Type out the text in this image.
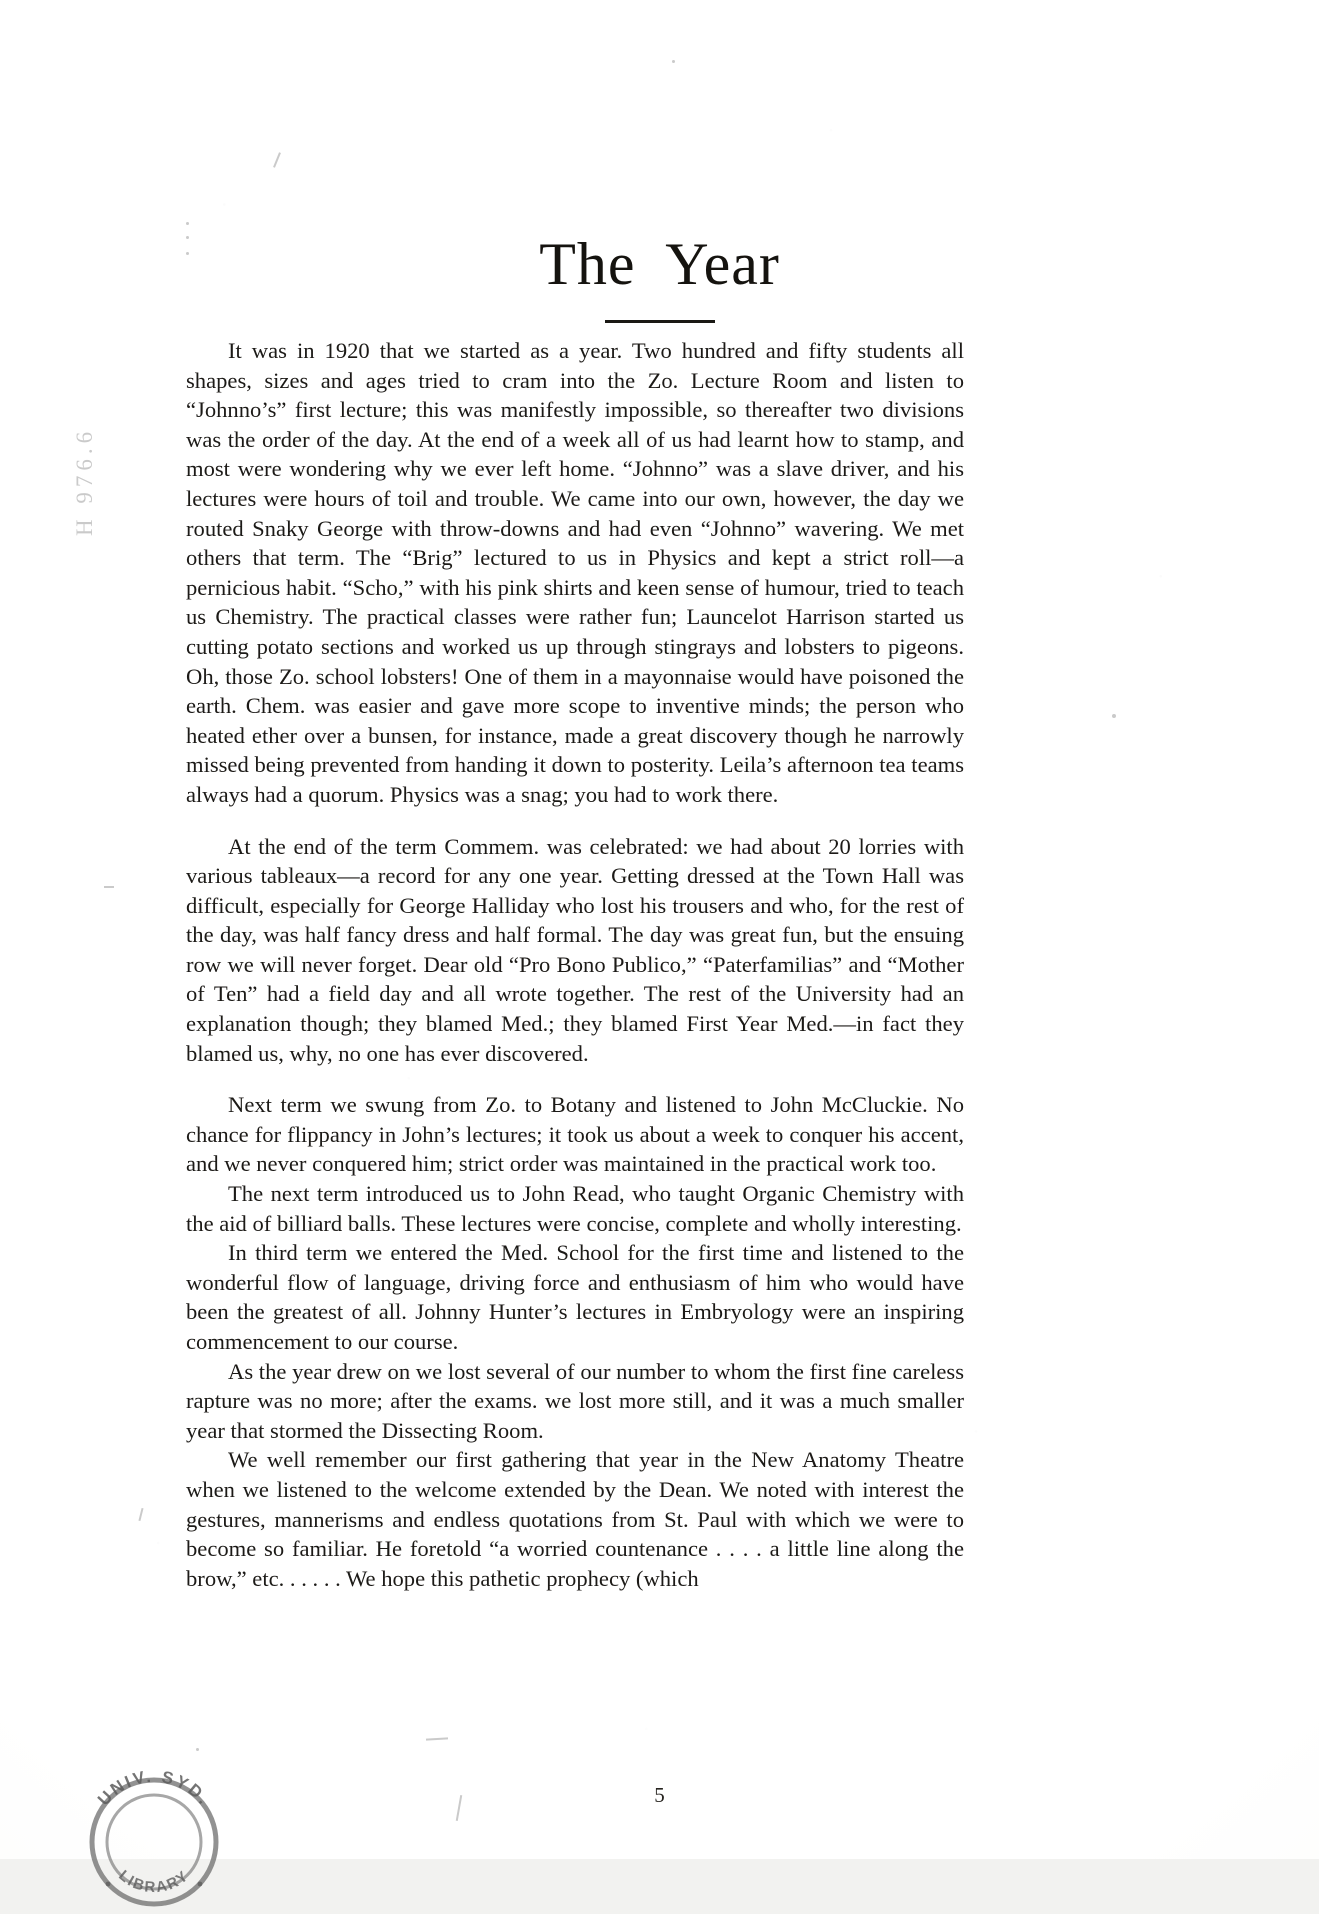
H 976.6
The Year

It was in 1920 that we started as a year. Two hundred and fifty students all shapes, sizes and ages tried to cram into the Zo. Lecture Room and listen to “Johnno’s” first lecture; this was manifestly impossible, so thereafter two divisions was the order of the day. At the end of a week all of us had learnt how to stamp, and most were wondering why we ever left home. “Johnno” was a slave driver, and his lectures were hours of toil and trouble. We came into our own, however, the day we routed Snaky George with throw-downs and had even “Johnno” wavering. We met others that term. The “Brig” lectured to us in Physics and kept a strict roll—a pernicious habit. “Scho,” with his pink shirts and keen sense of humour, tried to teach us Chemistry. The practical classes were rather fun; Launcelot Harrison started us cutting potato sections and worked us up through stingrays and lobsters to pigeons. Oh, those Zo. school lobsters! One of them in a mayonnaise would have poisoned the earth. Chem. was easier and gave more scope to inventive minds; the person who heated ether over a bunsen, for instance, made a great discovery though he narrowly missed being prevented from handing it down to posterity. Leila’s afternoon tea teams always had a quorum. Physics was a snag; you had to work there.

At the end of the term Commem. was celebrated: we had about 20 lorries with various tableaux—a record for any one year. Getting dressed at the Town Hall was difficult, especially for George Halliday who lost his trousers and who, for the rest of the day, was half fancy dress and half formal. The day was great fun, but the ensuing row we will never forget. Dear old “Pro Bono Publico,” “Paterfamilias” and “Mother of Ten” had a field day and all wrote together. The rest of the University had an explanation though; they blamed Med.; they blamed First Year Med.—in fact they blamed us, why, no one has ever discovered.

Next term we swung from Zo. to Botany and listened to John McCluckie. No chance for flippancy in John’s lectures; it took us about a week to conquer his accent, and we never conquered him; strict order was maintained in the practical work too.

The next term introduced us to John Read, who taught Organic Chemistry with the aid of billiard balls. These lectures were concise, complete and wholly interesting.

In third term we entered the Med. School for the first time and listened to the wonderful flow of language, driving force and enthusiasm of him who would have been the greatest of all. Johnny Hunter’s lectures in Embryology were an inspiring commencement to our course.

As the year drew on we lost several of our number to whom the first fine careless rapture was no more; after the exams. we lost more still, and it was a much smaller year that stormed the Dissecting Room.

We well remember our first gathering that year in the New Anatomy Theatre when we listened to the welcome extended by the Dean. We noted with interest the gestures, mannerisms and endless quotations from St. Paul with which we were to become so familiar. He foretold “a worried countenance . . . . a little line along the brow,” etc. . . . . . We hope this pathetic prophecy (which

5
UNIV. SYD.
LIBRARY
